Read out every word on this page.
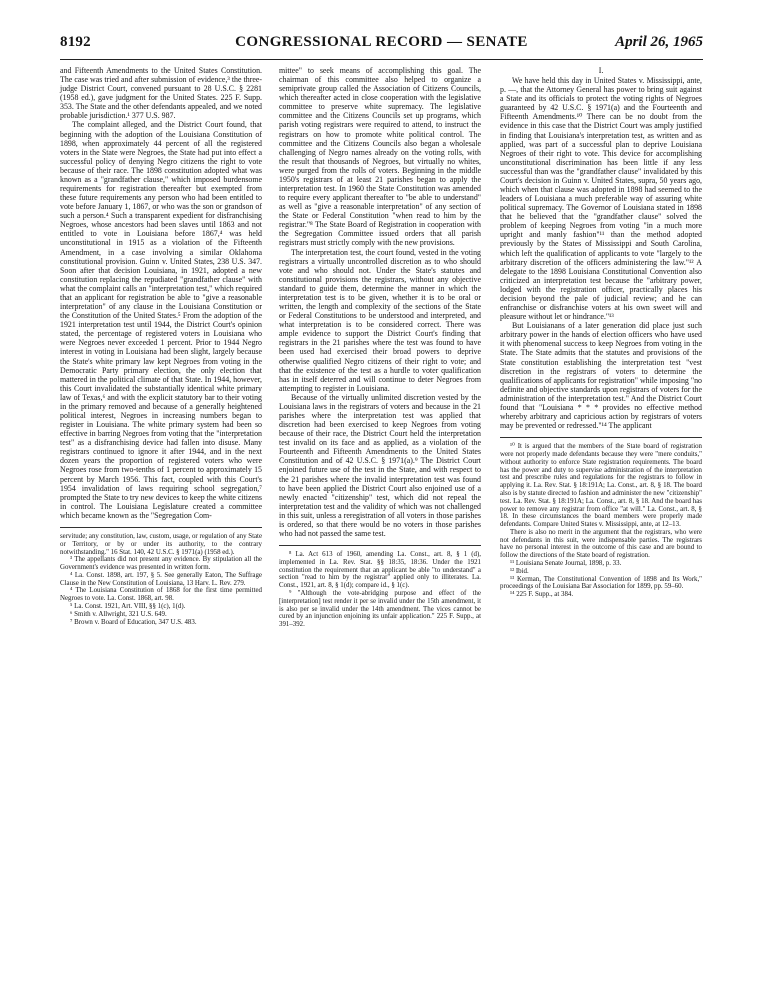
8192	CONGRESSIONAL RECORD — SENATE	April 26, 1965

and Fifteenth Amendments to the United States Constitution. The case was tried and after submission of evidence,³ the three-judge District Court, convened pursuant to 28 U.S.C. § 2281 (1958 ed.), gave judgment for the United States. 225 F. Supp. 353. The State and the other defendants appealed, and we noted probable jurisdiction.¹ 377 U.S. 987.

The complaint alleged, and the District Court found, that beginning with the adoption of the Louisiana Constitution of 1898, when approximately 44 percent of all the registered voters in the State were Negroes, the State had put into effect a successful policy of denying Negro citizens the right to vote because of their race. The 1898 constitution adopted what was known as a "grandfather clause," which imposed burdensome requirements for registration thereafter but exempted from these future requirements any person who had been entitled to vote before January 1, 1867, or who was the son or grandson of such a person.⁴ Such a transparent expedient for disfranchising Negroes, whose ancestors had been slaves until 1863 and not entitled to vote in Louisiana before 1867,⁴ was held unconstitutional in 1915 as a violation of the Fifteenth Amendment, in a case involving a similar Oklahoma constitutional provision. Guinn v. United States, 238 U.S. 347. Soon after that decision Louisiana, in 1921, adopted a new constitution replacing the repudiated "grandfather clause" with what the complaint calls an "interpretation test," which required that an applicant for registration be able to "give a reasonable interpretation" of any clause in the Louisiana Constitution or the Constitution of the United States.⁵ From the adoption of the 1921 interpretation test until 1944, the District Court's opinion stated, the percentage of registered voters in Louisiana who were Negroes never exceeded 1 percent. Prior to 1944 Negro interest in voting in Louisiana had been slight, largely because the State's white primary law kept Negroes from voting in the Democratic Party primary election, the only election that mattered in the political climate of that State. In 1944, however, this Court invalidated the substantially identical white primary law of Texas,⁶ and with the explicit statutory bar to their voting in the primary removed and because of a generally heightened political interest, Negroes in increasing numbers began to register in Louisiana. The white primary system had been so effective in barring Negroes from voting that the "interpretation test" as a disfranchising device had fallen into disuse. Many registrars continued to ignore it after 1944, and in the next dozen years the proportion of registered voters who were Negroes rose from two-tenths of 1 percent to approximately 15 percent by March 1956. This fact, coupled with this Court's 1954 invalidation of laws requiring school segregation,⁷ prompted the State to try new devices to keep the white citizens in control. The Louisiana Legislature created a committee which became known as the "Segregation Com-

servitude; any constitution, law, custom, usage, or regulation of any State or Territory, or by or under its authority, to the contrary notwithstanding." 16 Stat. 140, 42 U.S.C. § 1971(a) (1958 ed.).

³ The appellants did not present any evidence. By stipulation all the Government's evidence was presented in written form.

⁴ La. Const. 1898, art. 197, § 5. See generally Eaton, The Suffrage Clause in the New Constitution of Louisiana, 13 Harv. L. Rev. 279.

⁴ The Louisiana Constitution of 1868 for the first time permitted Negroes to vote. La. Const. 1868, art. 98.

⁵ La. Const. 1921, Art. VIII, §§ 1(c), 1(d).

⁶ Smith v. Allwright, 321 U.S. 649.

⁷ Brown v. Board of Education, 347 U.S. 483.

mittee" to seek means of accomplishing this goal. The chairman of this committee also helped to organize a semiprivate group called the Association of Citizens Councils, which thereafter acted in close cooperation with the legislative committee to preserve white supremacy. The legislative committee and the Citizens Councils set up programs, which parish voting registrars were required to attend, to instruct the registrars on how to promote white political control. The committee and the Citizens Councils also began a wholesale challenging of Negro names already on the voting rolls, with the result that thousands of Negroes, but virtually no whites, were purged from the rolls of voters. Beginning in the middle 1950's registrars of at least 21 parishes began to apply the interpretation test. In 1960 the State Constitution was amended to require every applicant thereafter to "be able to understand" as well as "give a reasonable interpretation" of any section of the State or Federal Constitution "when read to him by the registrar."⁸ The State Board of Registration in cooperation with the Segregation Committee issued orders that all parish registrars must strictly comply with the new provisions.

The interpretation test, the court found, vested in the voting registrars a virtually uncontrolled discretion as to who should vote and who should not. Under the State's statutes and constitutional provisions the registrars, without any objective standard to guide them, determine the manner in which the interpretation test is to be given, whether it is to be oral or written, the length and complexity of the sections of the State or Federal Constitutions to be understood and interpreted, and what interpretation is to be considered correct. There was ample evidence to support the District Court's finding that registrars in the 21 parishes where the test was found to have been used had exercised their broad powers to deprive otherwise qualified Negro citizens of their right to vote; and that the existence of the test as a hurdle to voter qualification has in itself deterred and will continue to deter Negroes from attempting to register in Louisiana.

Because of the virtually unlimited discretion vested by the Louisiana laws in the registrars of voters and because in the 21 parishes where the interpretation test was applied that discretion had been exercised to keep Negroes from voting because of their race, the District Court held the interpretation test invalid on its face and as applied, as a violation of the Fourteenth and Fifteenth Amendments to the United States Constitution and of 42 U.S.C. § 1971(a).⁹ The District Court enjoined future use of the test in the State, and with respect to the 21 parishes where the invalid interpretation test was found to have been applied the District Court also enjoined use of a newly enacted "citizenship" test, which did not repeal the interpretation test and the validity of which was not challenged in this suit, unless a reregistration of all voters in those parishes is ordered, so that there would be no voters in those parishes who had not passed the same test.

⁸ La. Act 613 of 1960, amending La. Const., art. 8, § 1 (d), implemented in La. Rev. Stat. §§ 18:35, 18:36. Under the 1921 constitution the requirement that an applicant be able "to understand" a section "read to him by the registrar" applied only to illiterates. La. Const., 1921, art. 8, § 1(d); compare id., § 1(c).

⁹ "Although the vote-abridging purpose and effect of the [interpretation] test render it per se invalid under the 15th amendment, it is also per se invalid under the 14th amendment. The vices cannot be cured by an injunction enjoining its unfair application." 225 F. Supp., at 391–392.

I.

We have held this day in United States v. Mississippi, ante, p. —, that the Attorney General has power to bring suit against a State and its officials to protect the voting rights of Negroes guaranteed by 42 U.S.C. § 1971(a) and the Fourteenth and Fifteenth Amendments.¹⁰ There can be no doubt from the evidence in this case that the District Court was amply justified in finding that Louisiana's interpretation test, as written and as applied, was part of a successful plan to deprive Louisiana Negroes of their right to vote. This device for accomplishing unconstitutional discrimination has been little if any less successful than was the "grandfather clause" invalidated by this Court's decision in Guinn v. United States, supra, 50 years ago, which when that clause was adopted in 1898 had seemed to the leaders of Louisiana a much preferable way of assuring white political supremacy. The Governor of Louisiana stated in 1898 that he believed that the "grandfather clause" solved the problem of keeping Negroes from voting "in a much more upright and manly fashion"¹¹ than the method adopted previously by the States of Mississippi and South Carolina, which left the qualification of applicants to vote "largely to the arbitrary discretion of the officers administering the law."¹² A delegate to the 1898 Louisiana Constitutional Convention also criticized an interpretation test because the "arbitrary power, lodged with the registration officer, practically places his decision beyond the pale of judicial review; and he can enfranchise or disfranchise voters at his own sweet will and pleasure without let or hindrance."¹³

But Louisianans of a later generation did place just such arbitrary power in the hands of election officers who have used it with phenomenal success to keep Negroes from voting in the State. The State admits that the statutes and provisions of the State constitution establishing the interpretation test "vest discretion in the registrars of voters to determine the qualifications of applicants for registration" while imposing "no definite and objective standards upon registrars of voters for the administration of the interpretation test." And the District Court found that "Louisiana * * * provides no effective method whereby arbitrary and capricious action by registrars of voters may be prevented or redressed."¹⁴ The applicant

¹⁰ It is argued that the members of the State board of registration were not properly made defendants because they were "mere conduits," without authority to enforce State registration requirements. The board has the power and duty to supervise administration of the interpretation test and prescribe rules and regulations for the registrars to follow in applying it. La. Rev. Stat. § 18:191A; La. Const., art. 8, § 18. The board also is by statute directed to fashion and administer the new "citizenship" test. La. Rev. Stat. § 18:191A; La. Const., art. 8, § 18. And the board has power to remove any registrar from office "at will." La. Const., art. 8, § 18. In these circumstances the board members were properly made defendants. Compare United States v. Mississippi, ante, at 12–13.

There is also no merit in the argument that the registrars, who were not defendants in this suit, were indispensable parties. The registrars have no personal interest in the outcome of this case and are bound to follow the directions of the State board of registration.

¹¹ Louisiana Senate Journal, 1898, p. 33.

¹² Ibid.

¹³ Kerman, The Constitutional Convention of 1898 and Its Work," proceedings of the Louisiana Bar Association for 1899, pp. 59–60.

¹⁴ 225 F. Supp., at 384.
